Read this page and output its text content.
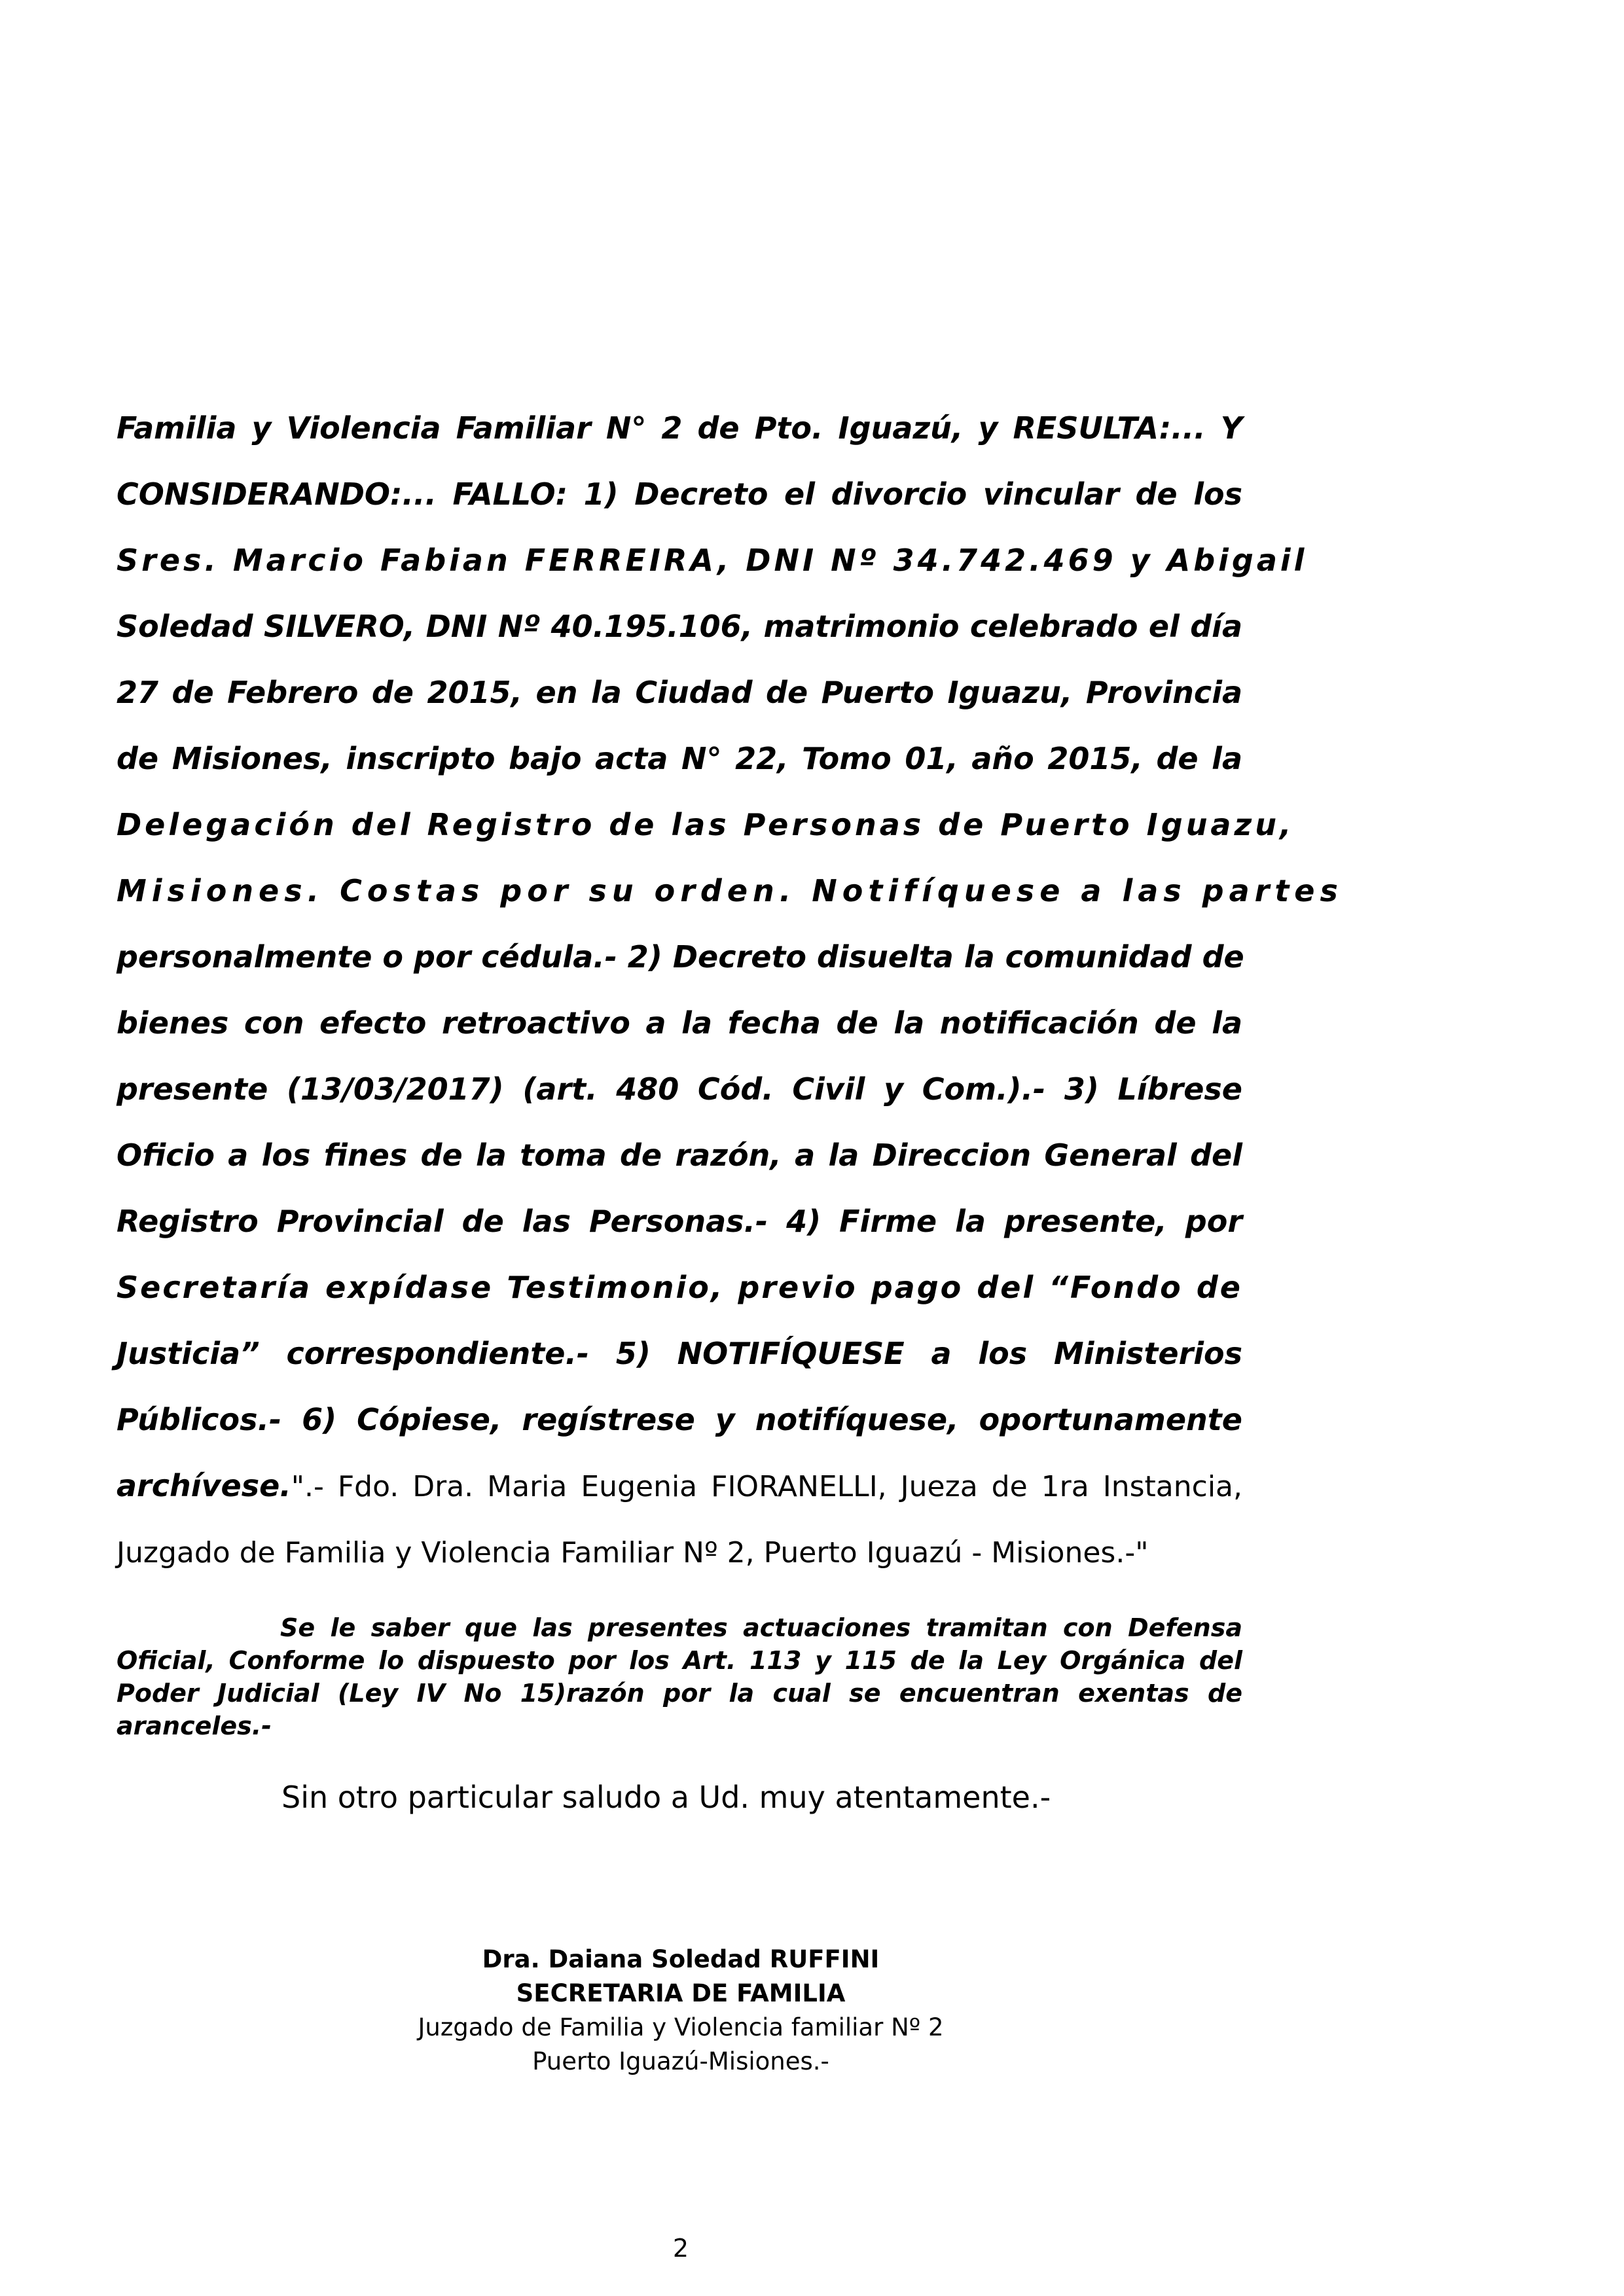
Familia y Violencia Familiar N° 2 de Pto. Iguazú, y RESULTA:... Y
CONSIDERANDO:... FALLO: 1) Decreto el divorcio vincular de los
Sres. Marcio Fabian FERREIRA, DNI Nº 34.742.469 y Abigail
Soledad SILVERO, DNI Nº 40.195.106, matrimonio celebrado el día
27 de Febrero de 2015, en la Ciudad de Puerto Iguazu, Provincia
de Misiones, inscripto bajo acta N° 22, Tomo 01, año 2015, de la
Delegación del Registro de las Personas de Puerto Iguazu,
Misiones. Costas por su orden. Notifíquese a las partes
personalmente o por cédula.- 2) Decreto disuelta la comunidad de
bienes con efecto retroactivo a la fecha de la notificación de la
presente (13/03/2017) (art. 480 Cód. Civil y Com.).- 3) Líbrese
Oficio a los fines de la toma de razón, a la Direccion General del
Registro Provincial de las Personas.- 4) Firme la presente, por
Secretaría expídase Testimonio, previo pago del “Fondo de
Justicia” correspondiente.- 5) NOTIFÍQUESE a los Ministerios
Públicos.- 6) Cópiese, regístrese y notifíquese, oportunamente
archívese.".- Fdo. Dra. Maria Eugenia FIORANELLI, Jueza de 1ra Instancia,
Juzgado de Familia y Violencia Familiar Nº 2, Puerto Iguazú - Misiones.-"
Se le saber que las presentes actuaciones tramitan con Defensa
Oficial, Conforme lo dispuesto por los Art. 113 y 115 de la Ley Orgánica del
Poder Judicial (Ley IV No 15)razón por la cual se encuentran exentas de
aranceles.-
Sin otro particular saludo a Ud. muy atentamente.-
Dra. Daiana Soledad RUFFINI
SECRETARIA DE FAMILIA
Juzgado de Familia y Violencia familiar Nº 2
Puerto Iguazú-Misiones.-
2
